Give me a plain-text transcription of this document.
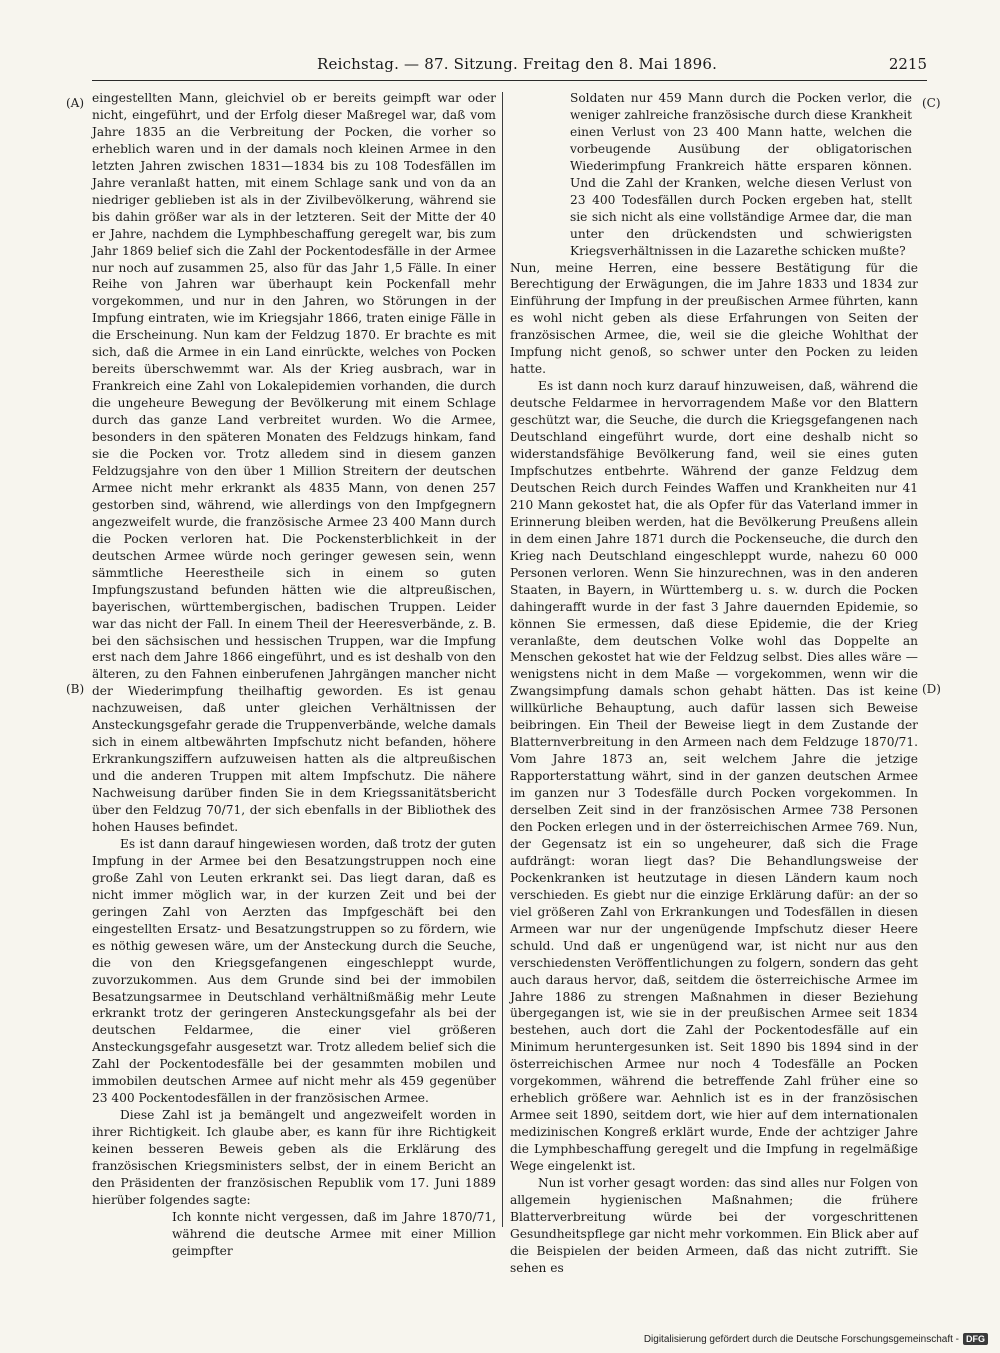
Reichstag. — 87. Sitzung. Freitag den 8. Mai 1896.	2215
(A)
(B)
(C)
(D)

eingestellten Mann, gleichviel ob er bereits geimpft war oder nicht, eingeführt, und der Erfolg dieser Maßregel war, daß vom Jahre 1835 an die Verbreitung der Pocken, die vorher so erheblich waren und in der damals noch kleinen Armee in den letzten Jahren zwischen 1831—1834 bis zu 108 Todesfällen im Jahre veranlaßt hatten, mit einem Schlage sank und von da an niedriger geblieben ist als in der Zivilbevölkerung, während sie bis dahin größer war als in der letzteren. Seit der Mitte der 40 er Jahre, nachdem die Lymphbeschaffung geregelt war, bis zum Jahr 1869 belief sich die Zahl der Pockentodesfälle in der Armee nur noch auf zusammen 25, also für das Jahr 1,5 Fälle. In einer Reihe von Jahren war überhaupt kein Pockenfall mehr vorgekommen, und nur in den Jahren, wo Störungen in der Impfung eintraten, wie im Kriegsjahr 1866, traten einige Fälle in die Erscheinung. Nun kam der Feldzug 1870. Er brachte es mit sich, daß die Armee in ein Land einrückte, welches von Pocken bereits überschwemmt war. Als der Krieg ausbrach, war in Frankreich eine Zahl von Lokalepidemien vorhanden, die durch die ungeheure Bewegung der Bevölkerung mit einem Schlage durch das ganze Land verbreitet wurden. Wo die Armee, besonders in den späteren Monaten des Feldzugs hinkam, fand sie die Pocken vor. Trotz alledem sind in diesem ganzen Feldzugsjahre von den über 1 Million Streitern der deutschen Armee nicht mehr erkrankt als 4835 Mann, von denen 257 gestorben sind, während, wie allerdings von den Impfgegnern angezweifelt wurde, die französische Armee 23 400 Mann durch die Pocken verloren hat. Die Pockensterblichkeit in der deutschen Armee würde noch geringer gewesen sein, wenn sämmtliche Heerestheile sich in einem so guten Impfungszustand befunden hätten wie die altpreußischen, bayerischen, württembergischen, badischen Truppen. Leider war das nicht der Fall. In einem Theil der Heeresverbände, z. B. bei den sächsischen und hessischen Truppen, war die Impfung erst nach dem Jahre 1866 eingeführt, und es ist deshalb von den älteren, zu den Fahnen einberufenen Jahrgängen mancher nicht der Wiederimpfung theilhaftig geworden. Es ist genau nachzuweisen, daß unter gleichen Verhältnissen der Ansteckungsgefahr gerade die Truppenverbände, welche damals sich in einem altbewährten Impfschutz nicht befanden, höhere Erkrankungsziffern aufzuweisen hatten als die altpreußischen und die anderen Truppen mit altem Impfschutz. Die nähere Nachweisung darüber finden Sie in dem Kriegssanitätsbericht über den Feldzug 70/71, der sich ebenfalls in der Bibliothek des hohen Hauses befindet.

Es ist dann darauf hingewiesen worden, daß trotz der guten Impfung in der Armee bei den Besatzungstruppen noch eine große Zahl von Leuten erkrankt sei. Das liegt daran, daß es nicht immer möglich war, in der kurzen Zeit und bei der geringen Zahl von Aerzten das Impfgeschäft bei den eingestellten Ersatz- und Besatzungstruppen so zu fördern, wie es nöthig gewesen wäre, um der Ansteckung durch die Seuche, die von den Kriegsgefangenen eingeschleppt wurde, zuvorzukommen. Aus dem Grunde sind bei der immobilen Besatzungsarmee in Deutschland verhältnißmäßig mehr Leute erkrankt trotz der geringeren Ansteckungsgefahr als bei der deutschen Feldarmee, die einer viel größeren Ansteckungsgefahr ausgesetzt war. Trotz alledem belief sich die Zahl der Pockentodesfälle bei der gesammten mobilen und immobilen deutschen Armee auf nicht mehr als 459 gegenüber 23 400 Pockentodesfällen in der französischen Armee.

Diese Zahl ist ja bemängelt und angezweifelt worden in ihrer Richtigkeit. Ich glaube aber, es kann für ihre Richtigkeit keinen besseren Beweis geben als die Erklärung des französischen Kriegsministers selbst, der in einem Bericht an den Präsidenten der französischen Republik vom 17. Juni 1889 hierüber folgendes sagte:

Ich konnte nicht vergessen, daß im Jahre 1870/71, während die deutsche Armee mit einer Million geimpfter

Soldaten nur 459 Mann durch die Pocken verlor, die weniger zahlreiche französische durch diese Krankheit einen Verlust von 23 400 Mann hatte, welchen die vorbeugende Ausübung der obligatorischen Wiederimpfung Frankreich hätte ersparen können. Und die Zahl der Kranken, welche diesen Verlust von 23 400 Todesfällen durch Pocken ergeben hat, stellt sie sich nicht als eine vollständige Armee dar, die man unter den drückendsten und schwierigsten Kriegsverhältnissen in die Lazarethe schicken mußte?

Nun, meine Herren, eine bessere Bestätigung für die Berechtigung der Erwägungen, die im Jahre 1833 und 1834 zur Einführung der Impfung in der preußischen Armee führten, kann es wohl nicht geben als diese Erfahrungen von Seiten der französischen Armee, die, weil sie die gleiche Wohlthat der Impfung nicht genoß, so schwer unter den Pocken zu leiden hatte.

Es ist dann noch kurz darauf hinzuweisen, daß, während die deutsche Feldarmee in hervorragendem Maße vor den Blattern geschützt war, die Seuche, die durch die Kriegsgefangenen nach Deutschland eingeführt wurde, dort eine deshalb nicht so widerstandsfähige Bevölkerung fand, weil sie eines guten Impfschutzes entbehrte. Während der ganze Feldzug dem Deutschen Reich durch Feindes Waffen und Krankheiten nur 41 210 Mann gekostet hat, die als Opfer für das Vaterland immer in Erinnerung bleiben werden, hat die Bevölkerung Preußens allein in dem einen Jahre 1871 durch die Pockenseuche, die durch den Krieg nach Deutschland eingeschleppt wurde, nahezu 60 000 Personen verloren. Wenn Sie hinzurechnen, was in den anderen Staaten, in Bayern, in Württemberg u. s. w. durch die Pocken dahingerafft wurde in der fast 3 Jahre dauernden Epidemie, so können Sie ermessen, daß diese Epidemie, die der Krieg veranlaßte, dem deutschen Volke wohl das Doppelte an Menschen gekostet hat wie der Feldzug selbst. Dies alles wäre — wenigstens nicht in dem Maße — vorgekommen, wenn wir die Zwangsimpfung damals schon gehabt hätten. Das ist keine willkürliche Behauptung, auch dafür lassen sich Beweise beibringen. Ein Theil der Beweise liegt in dem Zustande der Blatternverbreitung in den Armeen nach dem Feldzuge 1870/71. Vom Jahre 1873 an, seit welchem Jahre die jetzige Rapporterstattung währt, sind in der ganzen deutschen Armee im ganzen nur 3 Todesfälle durch Pocken vorgekommen. In derselben Zeit sind in der französischen Armee 738 Personen den Pocken erlegen und in der österreichischen Armee 769. Nun, der Gegensatz ist ein so ungeheurer, daß sich die Frage aufdrängt: woran liegt das? Die Behandlungsweise der Pockenkranken ist heutzutage in diesen Ländern kaum noch verschieden. Es giebt nur die einzige Erklärung dafür: an der so viel größeren Zahl von Erkrankungen und Todesfällen in diesen Armeen war nur der ungenügende Impfschutz dieser Heere schuld. Und daß er ungenügend war, ist nicht nur aus den verschiedensten Veröffentlichungen zu folgern, sondern das geht auch daraus hervor, daß, seitdem die österreichische Armee im Jahre 1886 zu strengen Maßnahmen in dieser Beziehung übergegangen ist, wie sie in der preußischen Armee seit 1834 bestehen, auch dort die Zahl der Pockentodesfälle auf ein Minimum heruntergesunken ist. Seit 1890 bis 1894 sind in der österreichischen Armee nur noch 4 Todesfälle an Pocken vorgekommen, während die betreffende Zahl früher eine so erheblich größere war. Aehnlich ist es in der französischen Armee seit 1890, seitdem dort, wie hier auf dem internationalen medizinischen Kongreß erklärt wurde, Ende der achtziger Jahre die Lymphbeschaffung geregelt und die Impfung in regelmäßige Wege eingelenkt ist.

Nun ist vorher gesagt worden: das sind alles nur Folgen von allgemein hygienischen Maßnahmen; die frühere Blatterverbreitung würde bei der vorgeschrittenen Gesundheitspflege gar nicht mehr vorkommen. Ein Blick aber auf die Beispielen der beiden Armeen, daß das nicht zutrifft. Sie sehen es

Digitalisierung gefördert durch die Deutsche Forschungsgemeinschaft - DFG
